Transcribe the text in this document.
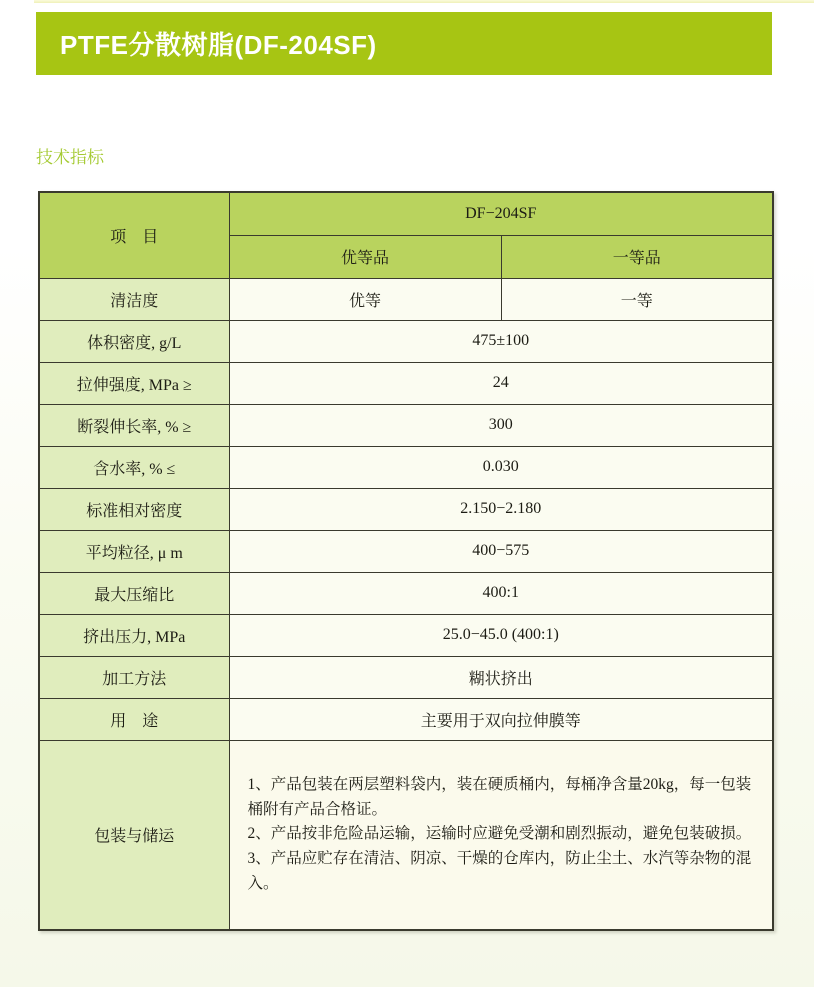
PTFE分散树脂(DF-204SF)
技术指标
项　目	DF−204SF	
	优等品	一等品
清洁度	优等	一等
体积密度, g/L	475±100	
拉伸强度, MPa ≥	24	
断裂伸长率, % ≥	300	
含水率, % ≤	0.030	
标准相对密度	2.150−2.180	
平均粒径, μ m	400−575	
最大压缩比	400:1	
挤出压力, MPa	25.0−45.0 (400:1)	
加工方法	糊状挤出	
用　途	主要用于双向拉伸膜等	
包装与储运	1、产品包装在两层塑料袋内，装在硬质桶内，每桶净含量20kg，每一包装桶附有产品合格证。
2、产品按非危险品运输，运输时应避免受潮和剧烈振动，避免包装破损。
3、产品应贮存在清洁、阴凉、干燥的仓库内，防止尘土、水汽等杂物的混入。	
